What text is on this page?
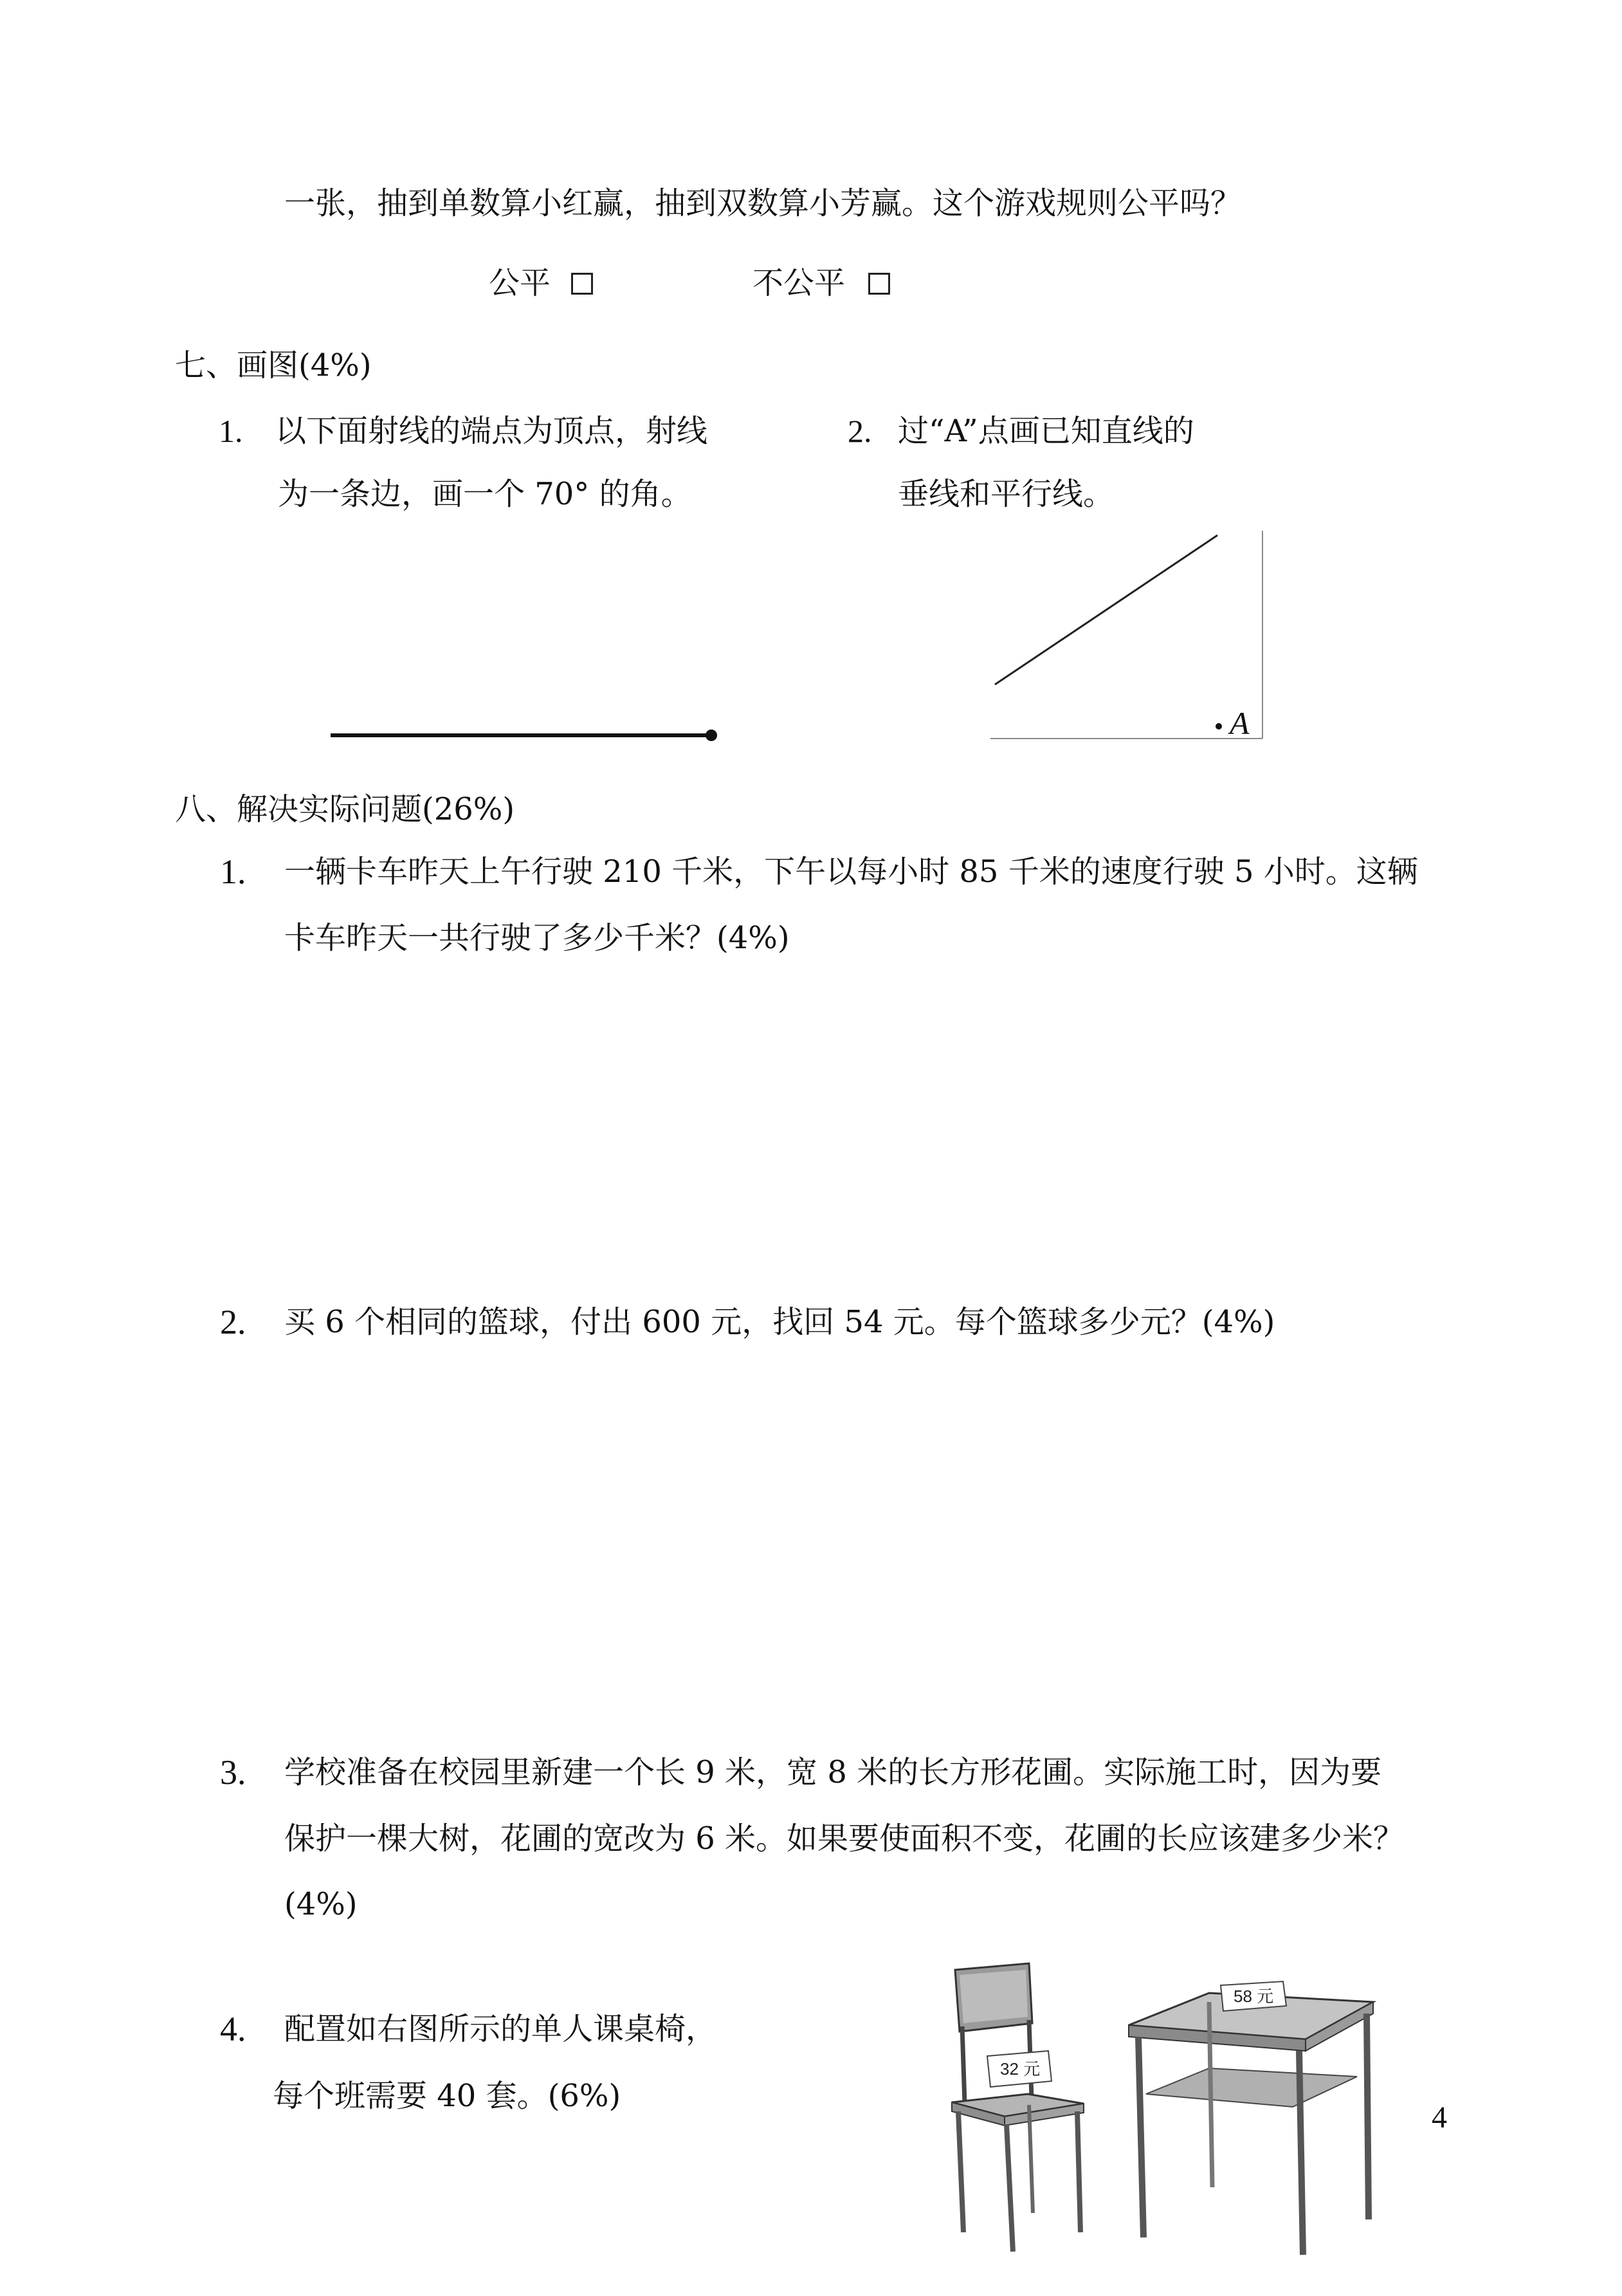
一张，抽到单数算小红赢，抽到双数算小芳赢。这个游戏规则公平吗？
公平	不公平
七、画图(4%)
1. 以下面射线的端点为顶点，射线
为一条边，画一个 70° 的角。
2. 过“A”点画已知直线的
垂线和平行线。
A
八、解决实际问题(26%)
1. 一辆卡车昨天上午行驶 210 千米，下午以每小时 85 千米的速度行驶 5 小时。这辆
卡车昨天一共行驶了多少千米？(4%)
2. 买 6 个相同的篮球，付出 600 元，找回 54 元。每个篮球多少元？(4%)
3. 学校准备在校园里新建一个长 9 米，宽 8 米的长方形花圃。实际施工时，因为要
保护一棵大树，花圃的宽改为 6 米。如果要使面积不变，花圃的长应该建多少米？
(4%)
4. 配置如右图所示的单人课桌椅，
每个班需要 40 套。(6%)
32 元
58 元
4
